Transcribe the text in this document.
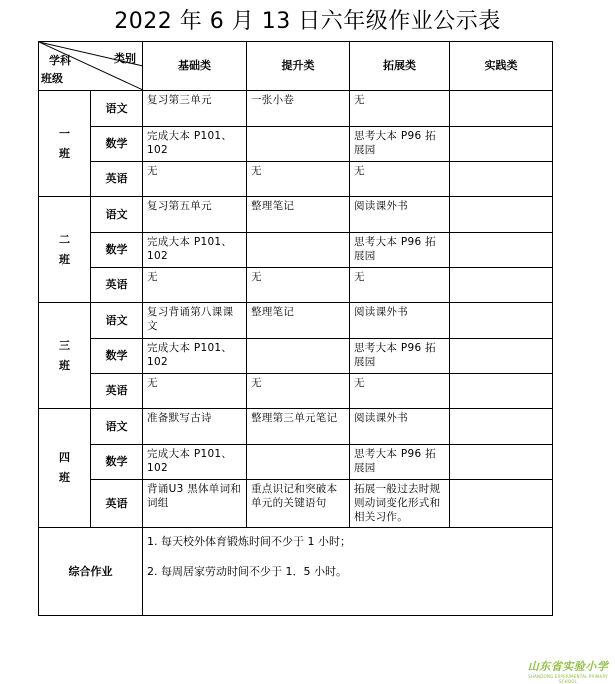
2022 年 6 月 13 日六年级作业公示表
类别
学科
班级		基础类	提升类	拓展类	实践类
一
班	语文	复习第三单元	一张小卷	无	
	数学	完成大本 P101、102		思考大本 P96 拓展园	
	英语	无	无	无	
二
班	语文	复习第五单元	整理笔记	阅读课外书	
	数学	完成大本 P101、102		思考大本 P96 拓展园	
	英语	无	无	无	
三
班	语文	复习背诵第八课课文	整理笔记	阅读课外书	
	数学	完成大本 P101、102		思考大本 P96 拓展园	
	英语	无	无	无	
四
班	语文	准备默写古诗	整理第三单元笔记	阅读课外书	
	数学	完成大本 P101、102		思考大本 P96 拓展园	
	英语	背诵U3 黑体单词和词组	重点识记和突破本单元的关键语句	拓展一般过去时规则动词变化形式和相关习作。	
综合作业		1. 每天校外体育锻炼时间不少于 1 小时；

2. 每周居家劳动时间不少于 1．5 小时。			

山东省实验小学
SHANDONG EXPERIMENTAL PRIMARY SCHOOL
